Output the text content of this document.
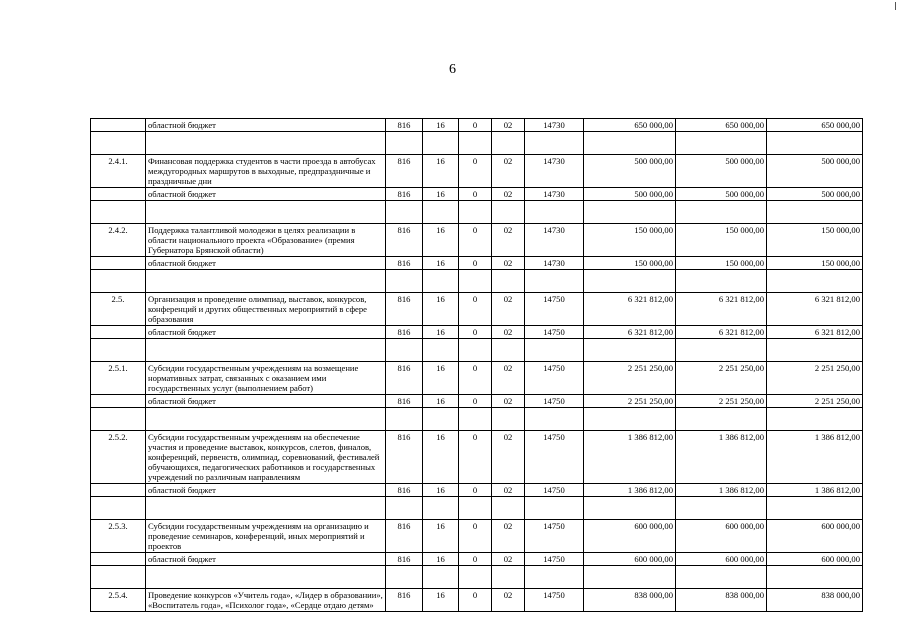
6
	областной бюджет	816	16	0	02	14730	650 000,00	650 000,00	650 000,00

2.4.1.	Финансовая поддержка студентов в части проезда в автобусах междугородных маршрутов в выходные, предпраздничные и праздничные дни	816	16	0	02	14730	500 000,00	500 000,00	500 000,00
	областной бюджет	816	16	0	02	14730	500 000,00	500 000,00	500 000,00

2.4.2.	Поддержка талантливой молодежи в целях реализации в области национального проекта «Образование» (премия Губернатора Брянской области)	816	16	0	02	14730	150 000,00	150 000,00	150 000,00
	областной бюджет	816	16	0	02	14730	150 000,00	150 000,00	150 000,00

2.5.	Организация и проведение олимпиад, выставок, конкурсов, конференций и других общественных мероприятий в сфере образования	816	16	0	02	14750	6 321 812,00	6 321 812,00	6 321 812,00
	областной бюджет	816	16	0	02	14750	6 321 812,00	6 321 812,00	6 321 812,00

2.5.1.	Субсидии государственным учреждениям на возмещение нормативных затрат, связанных с оказанием ими государственных услуг (выполнением работ)	816	16	0	02	14750	2 251 250,00	2 251 250,00	2 251 250,00
	областной бюджет	816	16	0	02	14750	2 251 250,00	2 251 250,00	2 251 250,00

2.5.2.	Субсидии государственным учреждениям на обеспечение участия и проведение выставок, конкурсов, слетов, финалов, конференций, первенств, олимпиад, соревнований, фестивалей обучающихся, педагогических работников и государственных учреждений по различным направлениям	816	16	0	02	14750	1 386 812,00	1 386 812,00	1 386 812,00
	областной бюджет	816	16	0	02	14750	1 386 812,00	1 386 812,00	1 386 812,00

2.5.3.	Субсидии государственным учреждениям на организацию и проведение семинаров, конференций, иных мероприятий и проектов	816	16	0	02	14750	600 000,00	600 000,00	600 000,00
	областной бюджет	816	16	0	02	14750	600 000,00	600 000,00	600 000,00

2.5.4.	Проведение конкурсов «Учитель года», «Лидер в образовании», «Воспитатель года», «Психолог года», «Сердце отдаю детям»	816	16	0	02	14750	838 000,00	838 000,00	838 000,00
